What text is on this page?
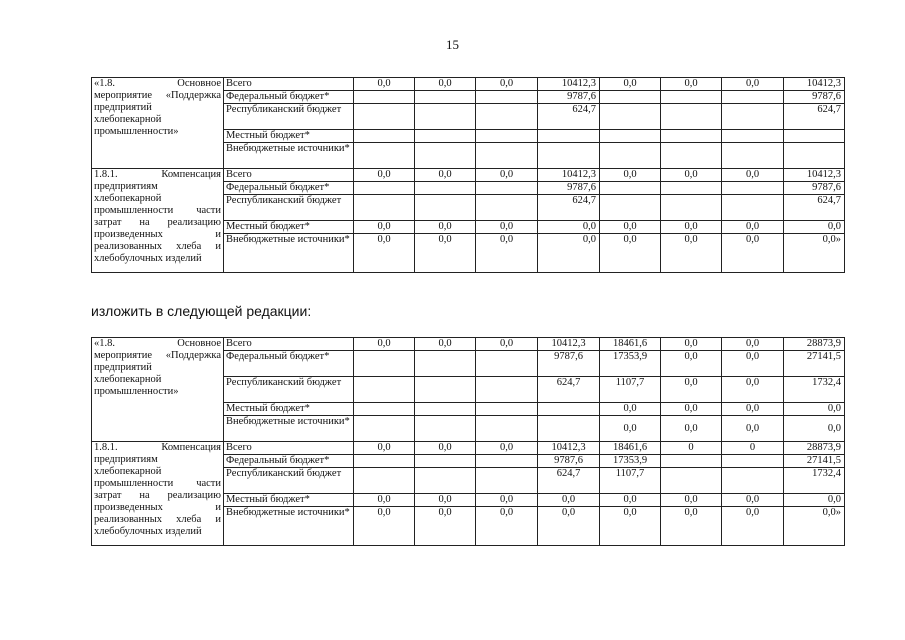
15
«1.8. Основное мероприятие «Поддержка предприятий хлебопекарной промышленности»	Всего	0,0	0,0	0,0	10412,3	0,0	0,0	0,0	10412,3
	Федеральный бюджет*				9787,6				9787,6
	Республиканский бюджет				624,7				624,7
	Местный бюджет*								
	Внебюджетные источники*								
1.8.1. Компенсация предприятиям хлебопекарной промышленности части затрат на реализацию произведенных и реализованных хлеба и хлебобулочных изделий	Всего	0,0	0,0	0,0	10412,3	0,0	0,0	0,0	10412,3
	Федеральный бюджет*				9787,6				9787,6
	Республиканский бюджет				624,7				624,7
	Местный бюджет*	0,0	0,0	0,0	0,0	0,0	0,0	0,0	0,0
	Внебюджетные источники*	0,0	0,0	0,0	0,0	0,0	0,0	0,0	0,0»
изложить в следующей редакции:
«1.8. Основное мероприятие «Поддержка предприятий хлебопекарной промышленности»	Всего	0,0	0,0	0,0	10412,3	18461,6	0,0	0,0	28873,9
	Федеральный бюджет*				9787,6	17353,9	0,0	0,0	27141,5
	Республиканский бюджет				624,7	1107,7	0,0	0,0	1732,4
	Местный бюджет*					0,0	0,0	0,0	0,0
	Внебюджетные источники*					0,0	0,0	0,0	0,0
1.8.1. Компенсация предприятиям хлебопекарной промышленности части затрат на реализацию произведенных и реализованных хлеба и хлебобулочных изделий	Всего	0,0	0,0	0,0	10412,3	18461,6	0	0	28873,9
	Федеральный бюджет*				9787,6	17353,9			27141,5
	Республиканский бюджет				624,7	1107,7			1732,4
	Местный бюджет*	0,0	0,0	0,0	0,0	0,0	0,0	0,0	0,0
	Внебюджетные источники*	0,0	0,0	0,0	0,0	0,0	0,0	0,0	0,0»
